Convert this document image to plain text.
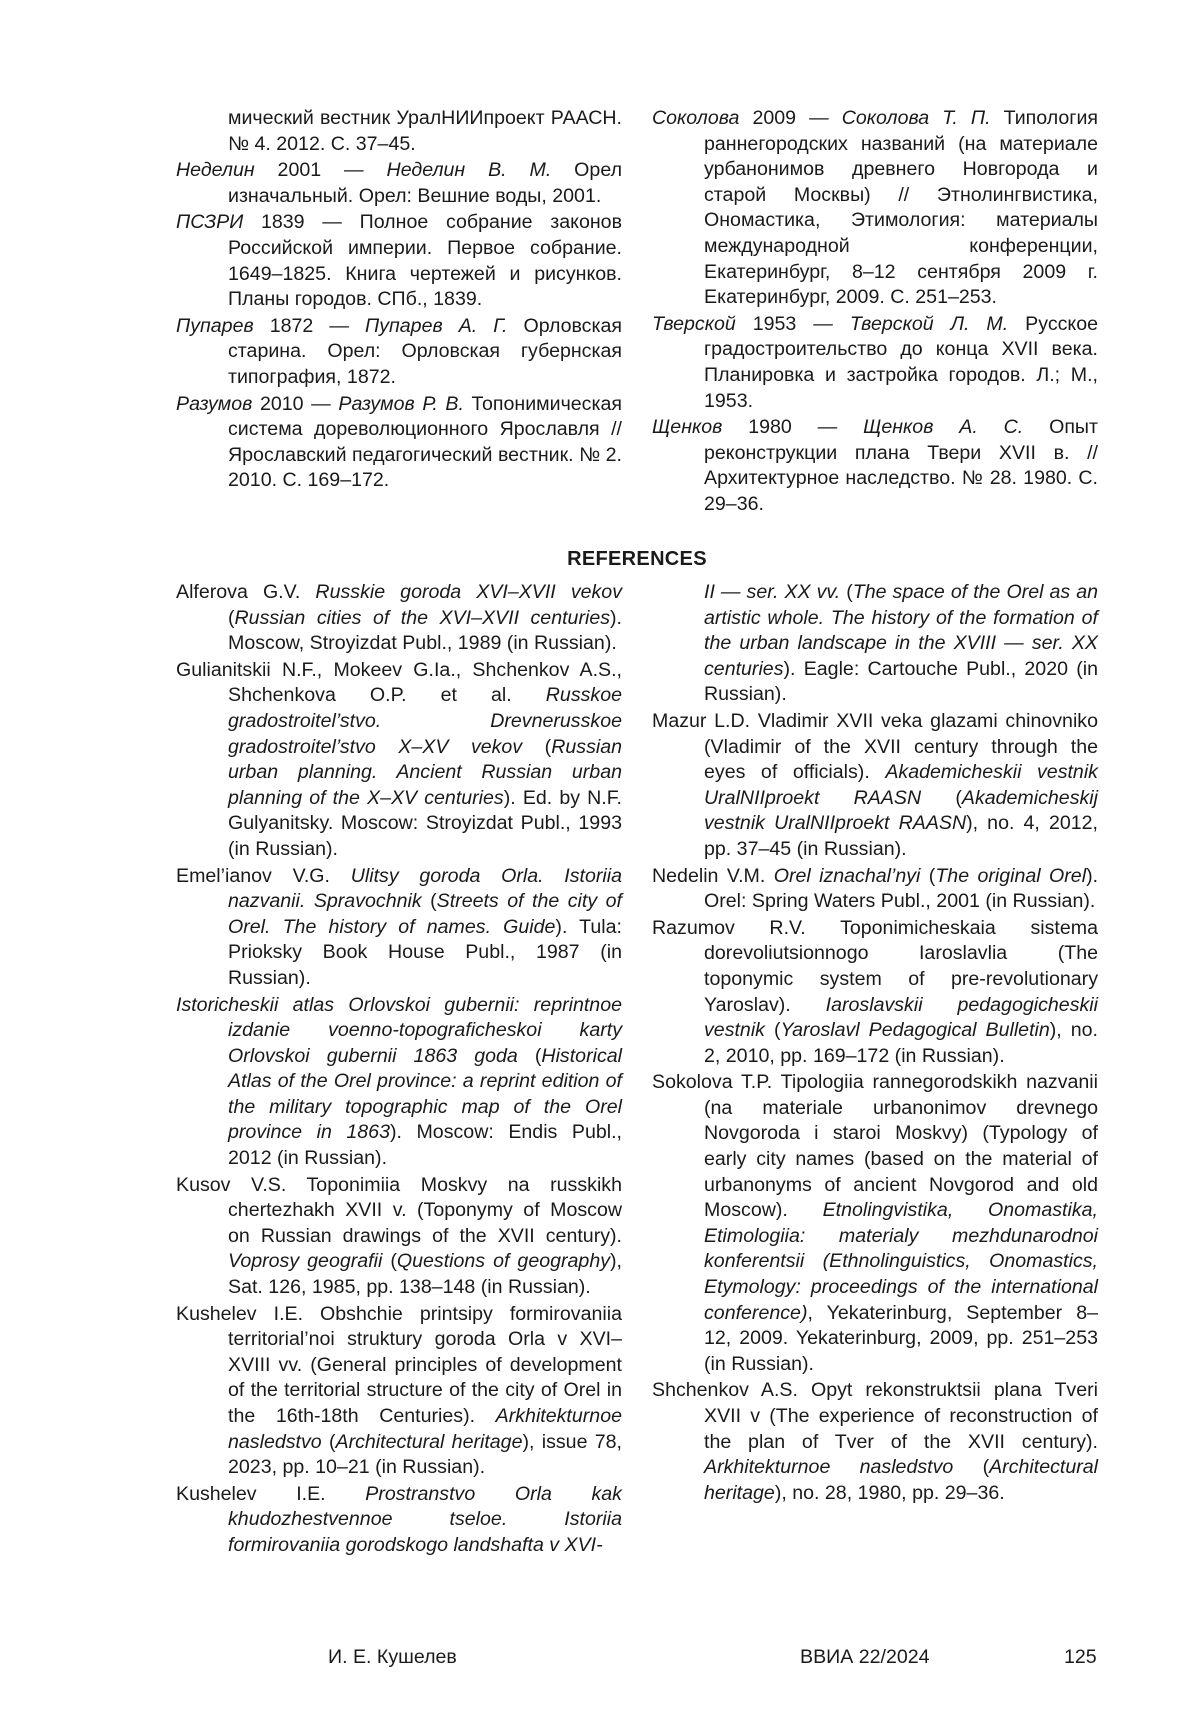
мический вестник УралНИИпроект РААСН. № 4. 2012. С. 37–45.
Неделин 2001 — Неделин В. М. Орел изначальный. Орел: Вешние воды, 2001.
ПСЗРИ 1839 — Полное собрание законов Российской империи. Первое собрание. 1649–1825. Книга чертежей и рисунков. Планы городов. СПб., 1839.
Пупарев 1872 — Пупарев А. Г. Орловская старина. Орел: Орловская губернская типография, 1872.
Разумов 2010 — Разумов Р. В. Топонимическая система дореволюционного Ярославля // Ярославский педагогический вестник. № 2. 2010. С. 169–172.
Соколова 2009 — Соколова Т. П. Типология раннегородских названий (на материале урбанонимов древнего Новгорода и старой Москвы) // Этнолингвистика, Ономастика, Этимология: материалы международной конференции, Екатеринбург, 8–12 сентября 2009 г. Екатеринбург, 2009. С. 251–253.
Тверской 1953 — Тверской Л. М. Русское градостроительство до конца XVII века. Планировка и застройка городов. Л.; М., 1953.
Щенков 1980 — Щенков А. С. Опыт реконструкции плана Твери XVII в. // Архитектурное наследство. № 28. 1980. С. 29–36.
REFERENCES
Alferova G.V. Russkie goroda XVI–XVII vekov (Russian cities of the XVI–XVII centuries). Moscow, Stroyizdat Publ., 1989 (in Russian).
Gulianitskii N.F., Mokeev G.Ia., Shchenkov A.S., Shchenkova O.P. et al. Russkoe gradostroitel’stvo. Drevnerusskoe gradostroitel’stvo X–XV vekov (Russian urban planning. Ancient Russian urban planning of the X–XV centuries). Ed. by N.F. Gulyanitsky. Moscow: Stroyizdat Publ., 1993 (in Russian).
Emel’ianov V.G. Ulitsy goroda Orla. Istoriia nazvanii. Spravochnik (Streets of the city of Orel. The history of names. Guide). Tula: Prioksky Book House Publ., 1987 (in Russian).
Istoricheskii atlas Orlovskoi gubernii: reprintnoe izdanie voenno-topograficheskoi karty Orlovskoi gubernii 1863 goda (Historical Atlas of the Orel province: a reprint edition of the military topographic map of the Orel province in 1863). Moscow: Endis Publ., 2012 (in Russian).
Kusov V.S. Toponimiia Moskvy na russkikh chertezhakh XVII v. (Toponymy of Moscow on Russian drawings of the XVII century). Voprosy geografii (Questions of geography), Sat. 126, 1985, pp. 138–148 (in Russian).
Kushelev I.E. Obshchie printsipy formirovaniia territorial’noi struktury goroda Orla v XVI–XVIII vv. (General principles of development of the territorial structure of the city of Orel in the 16th-18th Centuries). Arkhitekturnoe nasledstvo (Architectural heritage), issue 78, 2023, pp. 10–21 (in Russian).
Kushelev I.E. Prostranstvo Orla kak khudozhestvennoe tseloe. Istoriia formirovaniia gorodskogo landshafta v XVI-
II — ser. XX vv. (The space of the Orel as an artistic whole. The history of the formation of the urban landscape in the XVIII — ser. XX centuries). Eagle: Cartouche Publ., 2020 (in Russian).
Mazur L.D. Vladimir XVII veka glazami chinovniko (Vladimir of the XVII century through the eyes of officials). Akademicheskii vestnik UralNIIproekt RAASN (Akademicheskij vestnik UralNIIproekt RAASN), no. 4, 2012, pp. 37–45 (in Russian).
Nedelin V.M. Orel iznachal’nyi (The original Orel). Orel: Spring Waters Publ., 2001 (in Russian).
Razumov R.V. Toponimicheskaia sistema dorevoliutsionnogo Iaroslavlia (The toponymic system of pre-revolutionary Yaroslav). Iaroslavskii pedagogicheskii vestnik (Yaroslavl Pedagogical Bulletin), no. 2, 2010, pp. 169–172 (in Russian).
Sokolova T.P. Tipologiia rannegorodskikh nazvanii (na materiale urbanonimov drevnego Novgoroda i staroi Moskvy) (Typology of early city names (based on the material of urbanonyms of ancient Novgorod and old Moscow). Etnolingvistika, Onomastika, Etimologiia: materialy mezhdunarodnoi konferentsii (Ethnolinguistics, Onomastics, Etymology: proceedings of the international conference), Yekaterinburg, September 8–12, 2009. Yekaterinburg, 2009, pp. 251–253 (in Russian).
Shchenkov A.S. Opyt rekonstruktsii plana Tveri XVII v (The experience of reconstruction of the plan of Tver of the XVII century). Arkhitekturnoe nasledstvo (Architectural heritage), no. 28, 1980, pp. 29–36.
И. Е. Кушелев	ВВИА 22/2024	125
